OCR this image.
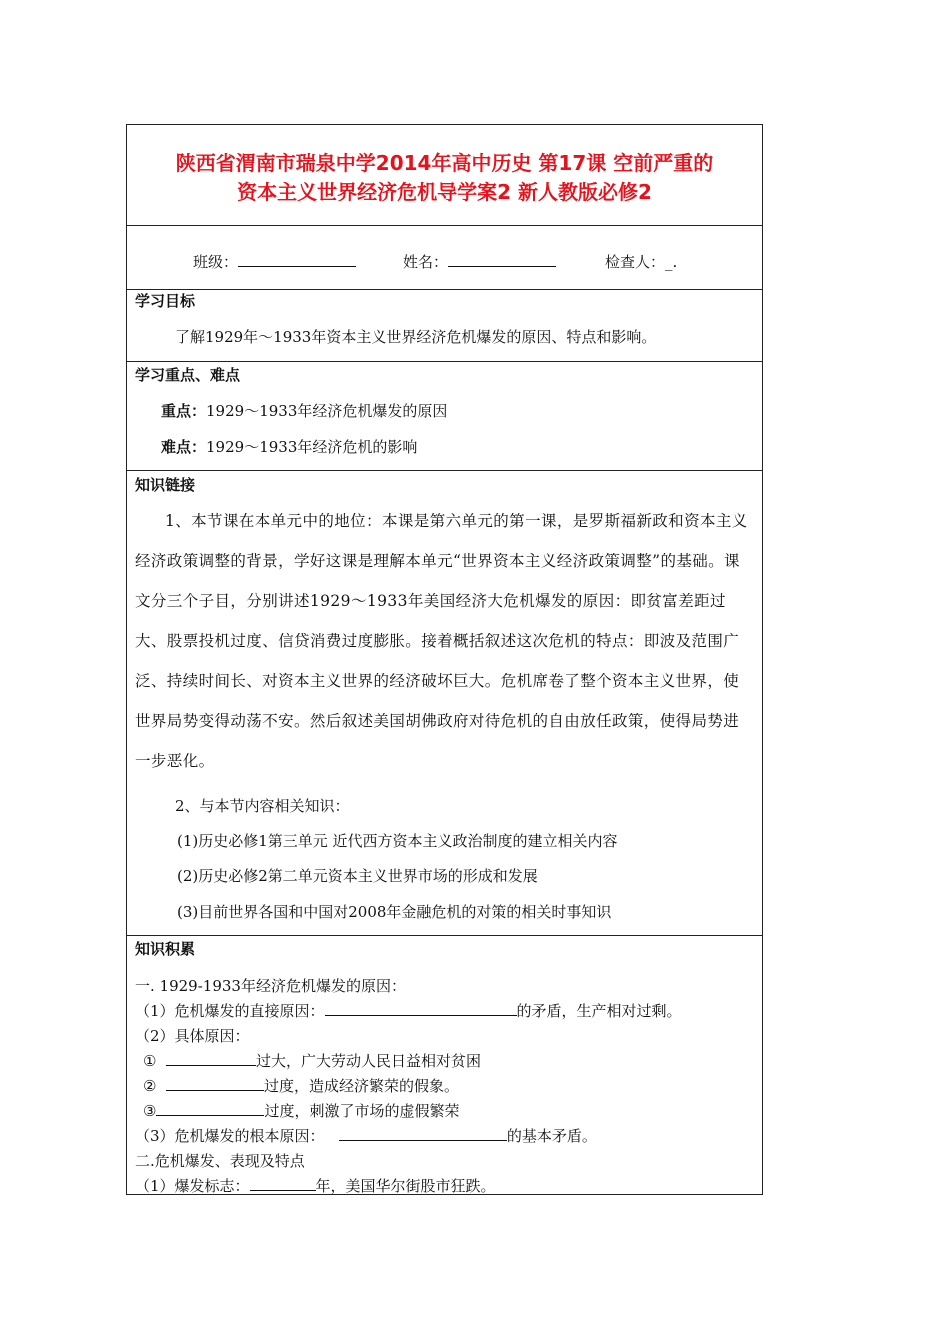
陕西省渭南市瑞泉中学2014年高中历史 第17课 空前严重的
资本主义世界经济危机导学案2 新人教版必修2
班级：	姓名：	检查人：_.
学习目标
了解1929年～1933年资本主义世界经济危机爆发的原因、特点和影响。
学习重点、难点
重点：1929～1933年经济危机爆发的原因
难点：1929～1933年经济危机的影响
知识链接
1、本节课在本单元中的地位：本课是第六单元的第一课，是罗斯福新政和资本主义经济政策调整的背景，学好这课是理解本单元“世界资本主义经济政策调整”的基础。课文分三个子目，分别讲述1929～1933年美国经济大危机爆发的原因：即贫富差距过大、股票投机过度、信贷消费过度膨胀。接着概括叙述这次危机的特点：即波及范围广泛、持续时间长、对资本主义世界的经济破坏巨大。危机席卷了整个资本主义世界，使世界局势变得动荡不安。然后叙述美国胡佛政府对待危机的自由放任政策，使得局势进一步恶化。
2、与本节内容相关知识：
(1)历史必修1第三单元 近代西方资本主义政治制度的建立相关内容
(2)历史必修2第二单元资本主义世界市场的形成和发展
(3)目前世界各国和中国对2008年金融危机的对策的相关时事知识
知识积累
一. 1929-1933年经济危机爆发的原因：
（1）危机爆发的直接原因：	的矛盾，生产相对过剩。
（2）具体原因：
①	过大，广大劳动人民日益相对贫困
②	过度，造成经济繁荣的假象。
③	过度，刺激了市场的虚假繁荣
（3）危机爆发的根本原因：	的基本矛盾。
二.危机爆发、表现及特点
（1）爆发标志：	年，美国华尔街股市狂跌。
